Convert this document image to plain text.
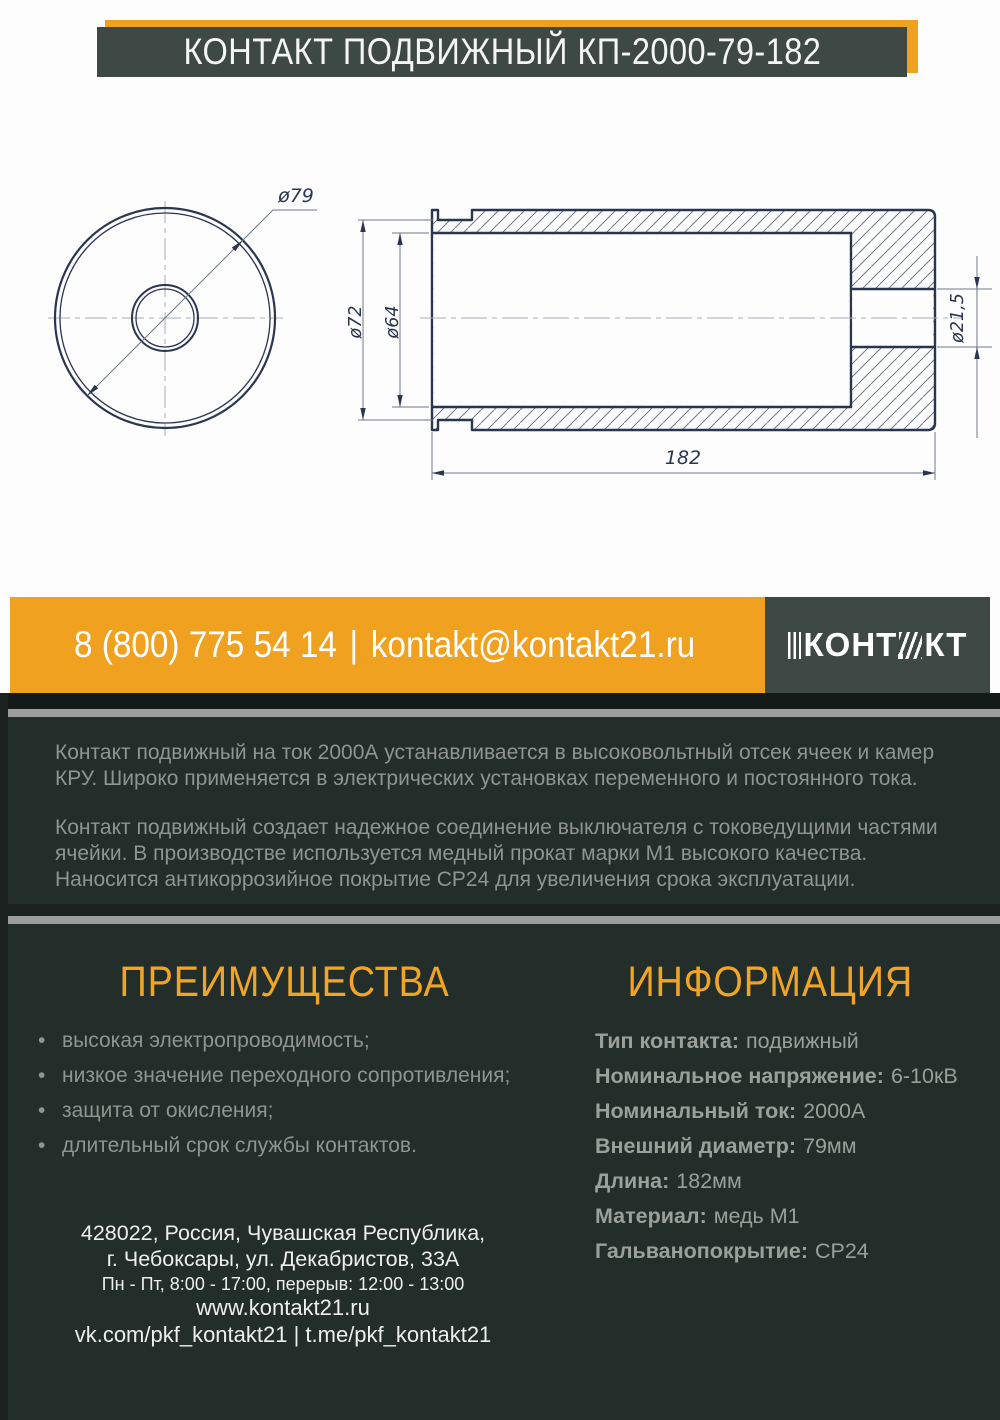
КОНТАКТ ПОДВИЖНЫЙ КП-2000-79-182
ø79
ø72 ø64	ø21,5
182
8 (800) 775 54 14 | kontakt@kontakt21.ru	КОНТ КТ
Контакт подвижный на ток 2000А устанавливается в высоковольтный отсек ячеек и камер КРУ. Широко применяется в электрических установках переменного и постоянного тока.
Контакт подвижный создает надежное соединение выключателя с токоведущими частями ячейки. В производстве используется медный прокат марки М1 высокого качества. Наносится антикоррозийное покрытие СР24 для увеличения срока эксплуатации.
ПРЕИМУЩЕСТВА	ИНФОРМАЦИЯ
• высокая электропроводимость;
• низкое значение переходного сопротивления;
• защита от окисления;
• длительный срок службы контактов.
Тип контакта: подвижный
Номинальное напряжение: 6-10кВ
Номинальный ток: 2000А
Внешний диаметр: 79мм
Длина: 182мм
Материал: медь М1
Гальванопокрытие: СР24
428022, Россия, Чувашская Республика,
г. Чебоксары, ул. Декабристов, 33А
Пн - Пт, 8:00 - 17:00, перерыв: 12:00 - 13:00
www.kontakt21.ru
vk.com/pkf_kontakt21 | t.me/pkf_kontakt21
